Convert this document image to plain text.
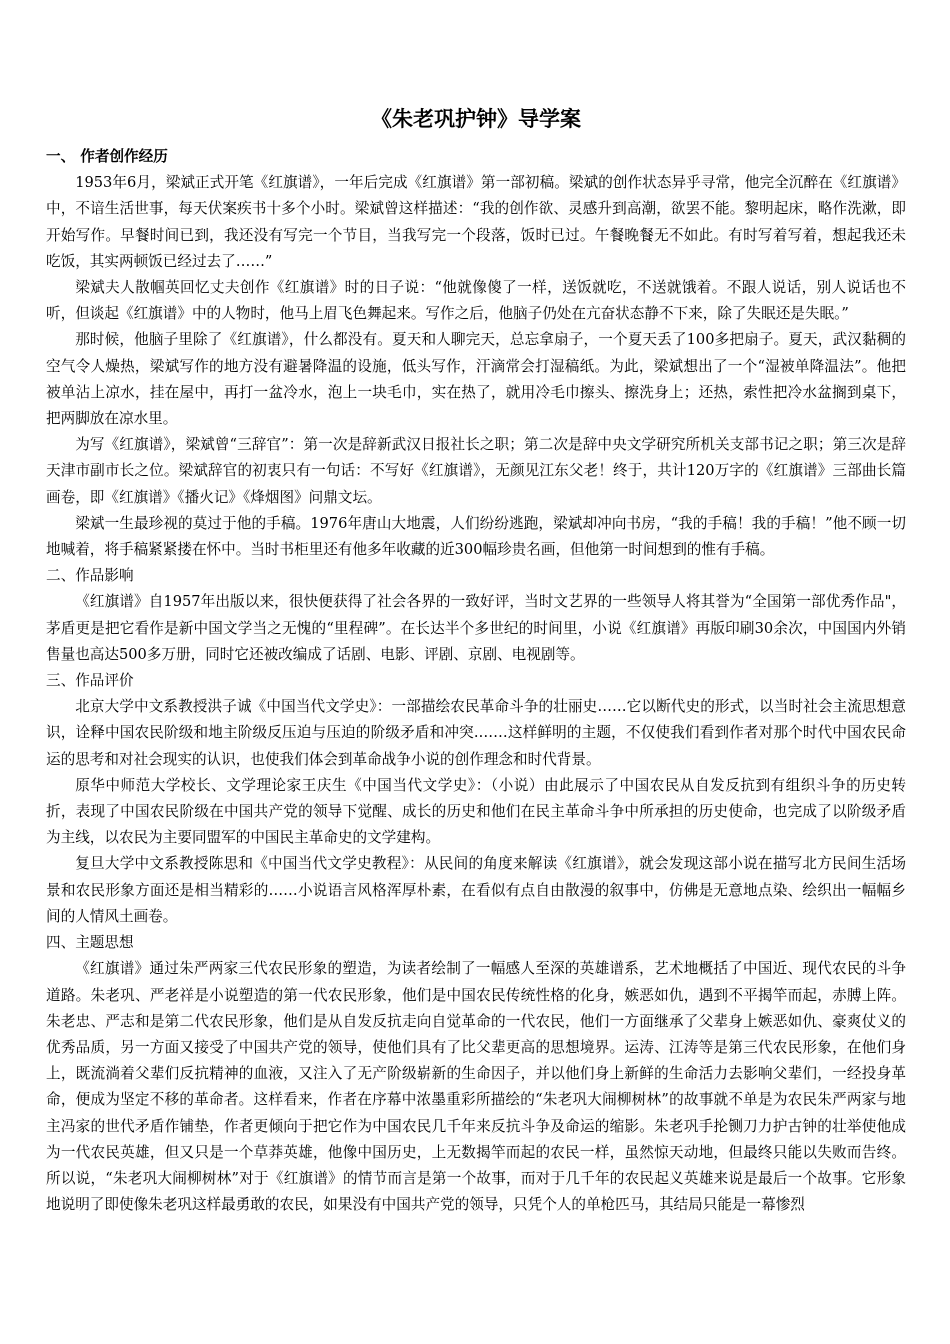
《朱老巩护钟》导学案

一、 作者创作经历

1953年6月，梁斌正式开笔《红旗谱》，一年后完成《红旗谱》第一部初稿。梁斌的创作状态异乎寻常，他完全沉醉在《红旗谱》中，不谙生活世事，每天伏案疾书十多个小时。梁斌曾这样描述：“我的创作欲、灵感升到高潮，欲罢不能。黎明起床，略作洗漱，即开始写作。早餐时间已到，我还没有写完一个节目，当我写完一个段落，饭时已过。午餐晚餐无不如此。有时写着写着，想起我还未吃饭，其实两顿饭已经过去了……”

梁斌夫人散帼英回忆丈夫创作《红旗谱》时的日子说：“他就像傻了一样，送饭就吃，不送就饿着。不跟人说话，别人说话也不听，但谈起《红旗谱》中的人物时，他马上眉飞色舞起来。写作之后，他脑子仍处在亢奋状态静不下来，除了失眠还是失眠。”

那时候，他脑子里除了《红旗谱》，什么都没有。夏天和人聊完天，总忘拿扇子，一个夏天丢了100多把扇子。夏天，武汉黏稠的空气令人燥热，梁斌写作的地方没有避暑降温的设施，低头写作，汗滴常会打湿稿纸。为此，梁斌想出了一个“湿被单降温法”。他把被单沾上凉水，挂在屋中，再打一盆冷水，泡上一块毛巾，实在热了，就用冷毛巾擦头、擦洗身上；还热，索性把冷水盆搁到桌下，把两脚放在凉水里。

为写《红旗谱》，梁斌曾“三辞官”：第一次是辞新武汉日报社长之职；第二次是辞中央文学研究所机关支部书记之职；第三次是辞天津市副市长之位。梁斌辞官的初衷只有一句话：不写好《红旗谱》，无颜见江东父老！终于，共计120万字的《红旗谱》三部曲长篇画卷，即《红旗谱》《播火记》《烽烟图》问鼎文坛。

梁斌一生最珍视的莫过于他的手稿。1976年唐山大地震，人们纷纷逃跑，梁斌却冲向书房，“我的手稿！我的手稿！”他不顾一切地喊着，将手稿紧紧搂在怀中。当时书柜里还有他多年收藏的近300幅珍贵名画，但他第一时间想到的惟有手稿。

二、作品影响

《红旗谱》自1957年出版以来，很快便获得了社会各界的一致好评，当时文艺界的一些领导人将其誉为“全国第一部优秀作品"，茅盾更是把它看作是新中国文学当之无愧的“里程碑”。在长达半个多世纪的时间里，小说《红旗谱》再版印刷30余次，中国国内外销售量也高达500多万册，同时它还被改编成了话剧、电影、评剧、京剧、电视剧等。

三、作品评价

北京大学中文系教授洪子诚《中国当代文学史》：一部描绘农民革命斗争的壮丽史……它以断代史的形式，以当时社会主流思想意识，诠释中国农民阶级和地主阶级反压迫与压迫的阶级矛盾和冲突.……这样鲜明的主题，不仅使我们看到作者对那个时代中国农民命运的思考和对社会现实的认识，也使我们体会到革命战争小说的创作理念和时代背景。

原华中师范大学校长、文学理论家王庆生《中国当代文学史》：（小说）由此展示了中国农民从自发反抗到有组织斗争的历史转折，表现了中国农民阶级在中国共产党的领导下觉醒、成长的历史和他们在民主革命斗争中所承担的历史使命，也完成了以阶级矛盾为主线，以农民为主要同盟军的中国民主革命史的文学建构。

复旦大学中文系教授陈思和《中国当代文学史教程》：从民间的角度来解读《红旗谱》，就会发现这部小说在描写北方民间生活场景和农民形象方面还是相当精彩的……小说语言风格浑厚朴素，在看似有点自由散漫的叙事中，仿佛是无意地点染、绘织出一幅幅乡间的人情风土画卷。

四、主题思想

《红旗谱》通过朱严两家三代农民形象的塑造，为读者绘制了一幅感人至深的英雄谱系，艺术地概括了中国近、现代农民的斗争道路。朱老巩、严老祥是小说塑造的第一代农民形象，他们是中国农民传统性格的化身，嫉恶如仇，遇到不平揭竿而起，赤膊上阵。朱老忠、严志和是第二代农民形象，他们是从自发反抗走向自觉革命的一代农民，他们一方面继承了父辈身上嫉恶如仇、豪爽仗义的优秀品质，另一方面又接受了中国共产党的领导，使他们具有了比父辈更高的思想境界。运涛、江涛等是第三代农民形象，在他们身上，既流淌着父辈们反抗精神的血液，又注入了无产阶级崭新的生命因子，并以他们身上新鲜的生命活力去影响父辈们，一经投身革命，便成为坚定不移的革命者。这样看来，作者在序幕中浓墨重彩所描绘的“朱老巩大闹柳树林”的故事就不单是为农民朱严两家与地主冯家的世代矛盾作铺垫，作者更倾向于把它作为中国农民几千年来反抗斗争及命运的缩影。朱老巩手抡铡刀力护古钟的壮举使他成为一代农民英雄，但又只是一个草莽英雄，他像中国历史，上无数揭竿而起的农民一样，虽然惊天动地，但最终只能以失败而告终。所以说，“朱老巩大闹柳树林”对于《红旗谱》的情节而言是第一个故事，而对于几千年的农民起义英雄来说是最后一个故事。它形象地说明了即使像朱老巩这样最勇敢的农民，如果没有中国共产党的领导，只凭个人的单枪匹马，其结局只能是一幕惨烈
